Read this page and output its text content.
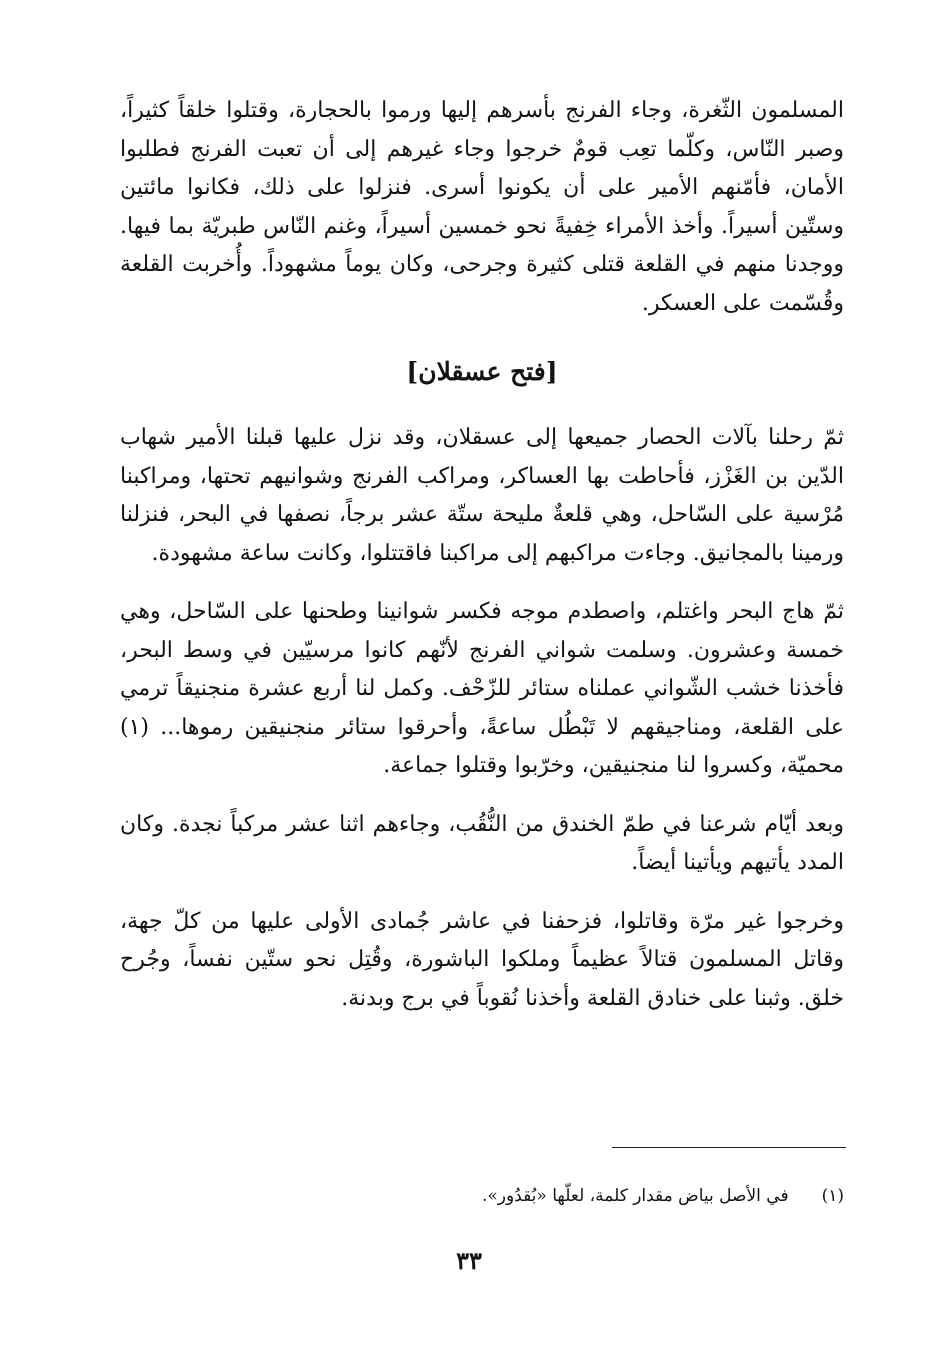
المسلمون الثّغرة، وجاء الفرنج بأسرهم إليها ورموا بالحجارة، وقتلوا خلقاً كثيراً، وصبر النّاس، وكلّما تعِب قومٌ خرجوا وجاء غيرهم إلى أن تعبت الفرنج فطلبوا الأمان، فأمّنهم الأمير على أن يكونوا أسرى. فنزلوا على ذلك، فكانوا مائتين وستّين أسيراً. وأخذ الأمراء خِفيةً نحو خمسين أسيراً، وغنم النّاس طبريّة بما فيها. ووجدنا منهم في القلعة قتلى كثيرة وجرحى، وكان يوماً مشهوداً. وأُخربت القلعة وقُسّمت على العسكر.

[فتح عسقلان]

ثمّ رحلنا بآلات الحصار جميعها إلى عسقلان، وقد نزل عليها قبلنا الأمير شهاب الدّين بن الغَزْز، فأحاطت بها العساكر، ومراكب الفرنج وشوانيهم تحتها، ومراكبنا مُرْسية على السّاحل، وهي قلعةٌ مليحة ستّة عشر برجاً، نصفها في البحر، فنزلنا ورمينا بالمجانيق. وجاءت مراكبهم إلى مراكبنا فاقتتلوا، وكانت ساعة مشهودة.

ثمّ هاج البحر واغتلم، واصطدم موجه فكسر شوانينا وطحنها على السّاحل، وهي خمسة وعشرون. وسلمت شواني الفرنج لأنّهم كانوا مرسيّين في وسط البحر، فأخذنا خشب الشّواني عملناه ستائر للزّحْف. وكمل لنا أربع عشرة منجنيقاً ترمي على القلعة، ومناجيقهم لا تَبْطُل ساعةً، وأحرقوا ستائر منجنيقين رموها... (١) محميّة، وكسروا لنا منجنيقين، وخرّبوا وقتلوا جماعة.

وبعد أيّام شرعنا في طمّ الخندق من النُّقُب، وجاءهم اثنا عشر مركباً نجدة. وكان المدد يأتيهم ويأتينا أيضاً.

وخرجوا غير مرّة وقاتلوا، فزحفنا في عاشر جُمادى الأولى عليها من كلّ جهة، وقاتل المسلمون قتالاً عظيماً وملكوا الباشورة، وقُتِل نحو ستّين نفساً، وجُرح خلق. وثبنا على خنادق القلعة وأخذنا نُقوباً في برج وبدنة.

(١) في الأصل بياض مقدار كلمة، لعلّها «بُقدُور».
٣٣
